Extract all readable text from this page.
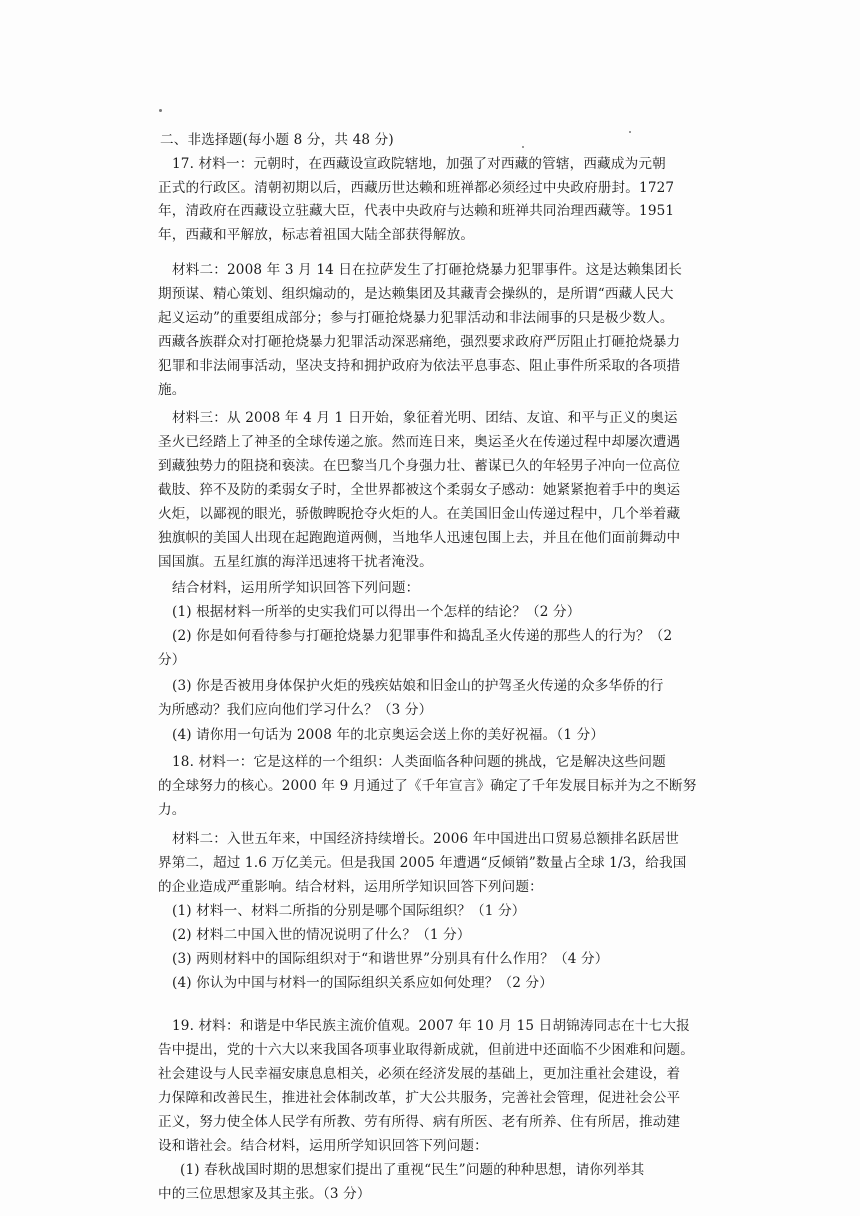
二、非选择题(每小题 8 分，共 48 分)
17. 材料一：元朝时，在西藏设宣政院辖地，加强了对西藏的管辖，西藏成为元朝
正式的行政区。清朝初期以后，西藏历世达赖和班禅都必须经过中央政府册封。1727
年，清政府在西藏设立驻藏大臣，代表中央政府与达赖和班禅共同治理西藏等。1951
年，西藏和平解放，标志着祖国大陆全部获得解放。
材料二：2008 年 3 月 14 日在拉萨发生了打砸抢烧暴力犯罪事件。这是达赖集团长
期预谋、精心策划、组织煽动的，是达赖集团及其藏青会操纵的，是所谓“西藏人民大
起义运动”的重要组成部分；参与打砸抢烧暴力犯罪活动和非法闹事的只是极少数人。
西藏各族群众对打砸抢烧暴力犯罪活动深恶痛绝，强烈要求政府严厉阻止打砸抢烧暴力
犯罪和非法闹事活动，坚决支持和拥护政府为依法平息事态、阻止事件所采取的各项措
施。
材料三：从 2008 年 4 月 1 日开始，象征着光明、团结、友谊、和平与正义的奥运
圣火已经踏上了神圣的全球传递之旅。然而连日来，奥运圣火在传递过程中却屡次遭遇
到藏独势力的阻挠和亵渎。在巴黎当几个身强力壮、蓄谋已久的年轻男子冲向一位高位
截肢、猝不及防的柔弱女子时，全世界都被这个柔弱女子感动：她紧紧抱着手中的奥运
火炬，以鄙视的眼光，骄傲睥睨抢夺火炬的人。在美国旧金山传递过程中，几个举着藏
独旗帜的美国人出现在起跑跑道两侧，当地华人迅速包围上去，并且在他们面前舞动中
国国旗。五星红旗的海洋迅速将干扰者淹没。
结合材料，运用所学知识回答下列问题：
(1) 根据材料一所举的史实我们可以得出一个怎样的结论？（2 分）
(2) 你是如何看待参与打砸抢烧暴力犯罪事件和捣乱圣火传递的那些人的行为？（2
分）
(3) 你是否被用身体保护火炬的残疾姑娘和旧金山的护驾圣火传递的众多华侨的行
为所感动？我们应向他们学习什么？（3 分）
(4) 请你用一句话为 2008 年的北京奥运会送上你的美好祝福。（1 分）
18. 材料一：它是这样的一个组织：人类面临各种问题的挑战，它是解决这些问题
的全球努力的核心。2000 年 9 月通过了《千年宣言》确定了千年发展目标并为之不断努
力。
材料二：入世五年来，中国经济持续增长。2006 年中国进出口贸易总额排名跃居世
界第二，超过 1.6 万亿美元。但是我国 2005 年遭遇“反倾销”数量占全球 1/3，给我国
的企业造成严重影响。结合材料，运用所学知识回答下列问题：
(1) 材料一、材料二所指的分别是哪个国际组织？（1 分）
(2) 材料二中国入世的情况说明了什么？（1 分）
(3) 两则材料中的国际组织对于“和谐世界”分别具有什么作用？（4 分）
(4) 你认为中国与材料一的国际组织关系应如何处理？（2 分）
19. 材料：和谐是中华民族主流价值观。2007 年 10 月 15 日胡锦涛同志在十七大报
告中提出，党的十六大以来我国各项事业取得新成就，但前进中还面临不少困难和问题。
社会建设与人民幸福安康息息相关，必须在经济发展的基础上，更加注重社会建设，着
力保障和改善民生，推进社会体制改革，扩大公共服务，完善社会管理，促进社会公平
正义，努力使全体人民学有所教、劳有所得、病有所医、老有所养、住有所居，推动建
设和谐社会。结合材料，运用所学知识回答下列问题：
(1) 春秋战国时期的思想家们提出了重视“民生”问题的种种思想，请你列举其
中的三位思想家及其主张。（3 分）
